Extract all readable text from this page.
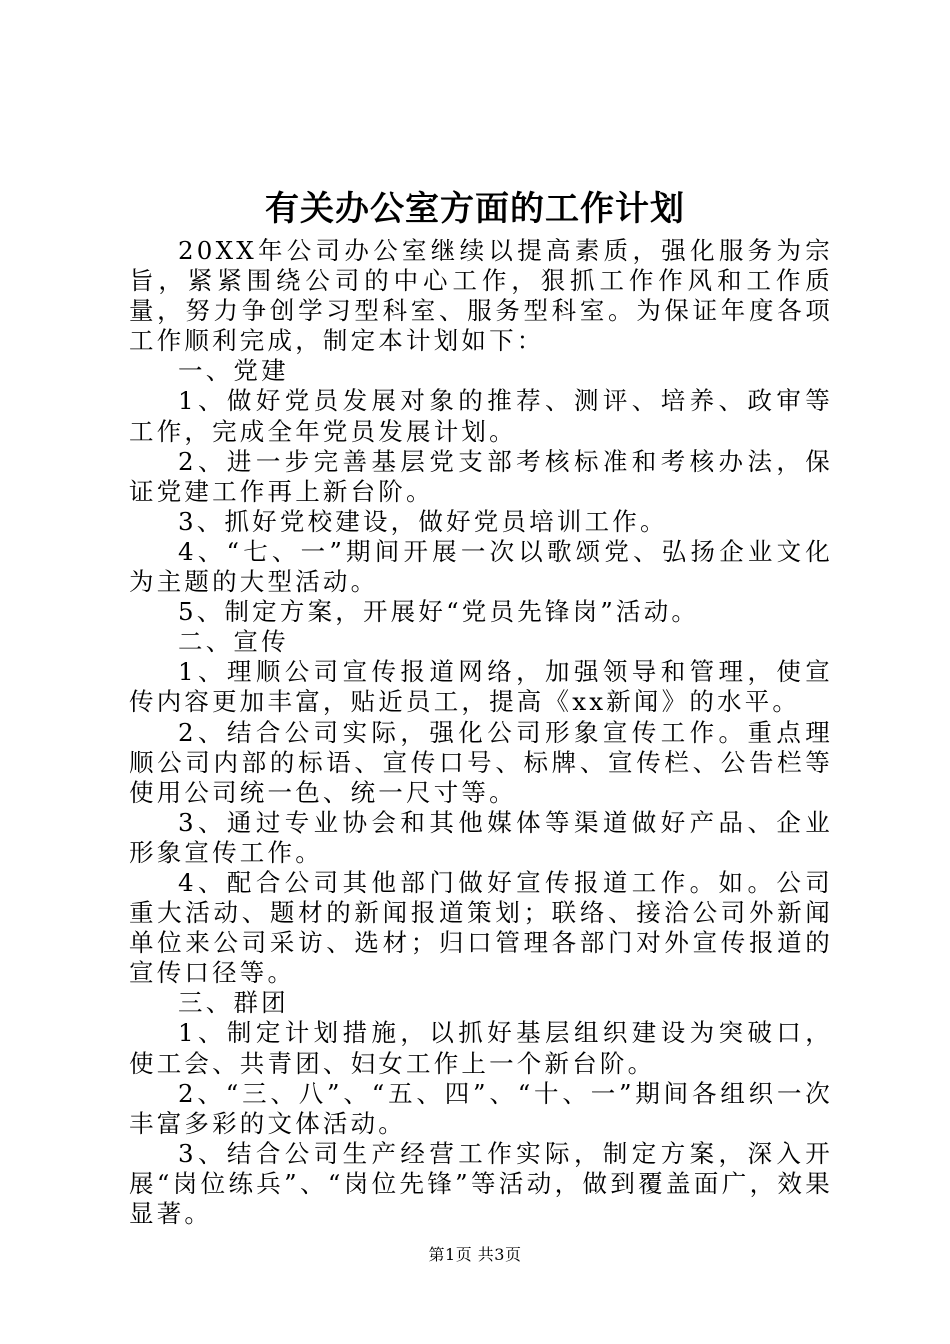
有关办公室方面的工作计划

20XX年公司办公室继续以提高素质，强化服务为宗旨，紧紧围绕公司的中心工作，狠抓工作作风和工作质量，努力争创学习型科室、服务型科室。为保证年度各项工作顺利完成，制定本计划如下：

一、党建

1、做好党员发展对象的推荐、测评、培养、政审等工作，完成全年党员发展计划。

2、进一步完善基层党支部考核标准和考核办法，保证党建工作再上新台阶。

3、抓好党校建设，做好党员培训工作。

4、“七、一”期间开展一次以歌颂党、弘扬企业文化为主题的大型活动。

5、制定方案，开展好“党员先锋岗”活动。

二、宣传

1、理顺公司宣传报道网络，加强领导和管理，使宣传内容更加丰富，贴近员工，提高《xx新闻》的水平。

2、结合公司实际，强化公司形象宣传工作。重点理顺公司内部的标语、宣传口号、标牌、宣传栏、公告栏等使用公司统一色、统一尺寸等。

3、通过专业协会和其他媒体等渠道做好产品、企业形象宣传工作。

4、配合公司其他部门做好宣传报道工作。如。公司重大活动、题材的新闻报道策划；联络、接洽公司外新闻单位来公司采访、选材；归口管理各部门对外宣传报道的宣传口径等。

三、群团

1、制定计划措施，以抓好基层组织建设为突破口，使工会、共青团、妇女工作上一个新台阶。

2、“三、八”、“五、四”、“十、一”期间各组织一次丰富多彩的文体活动。

3、结合公司生产经营工作实际，制定方案，深入开展“岗位练兵”、“岗位先锋”等活动，做到覆盖面广，效果显著。

第1页 共3页
